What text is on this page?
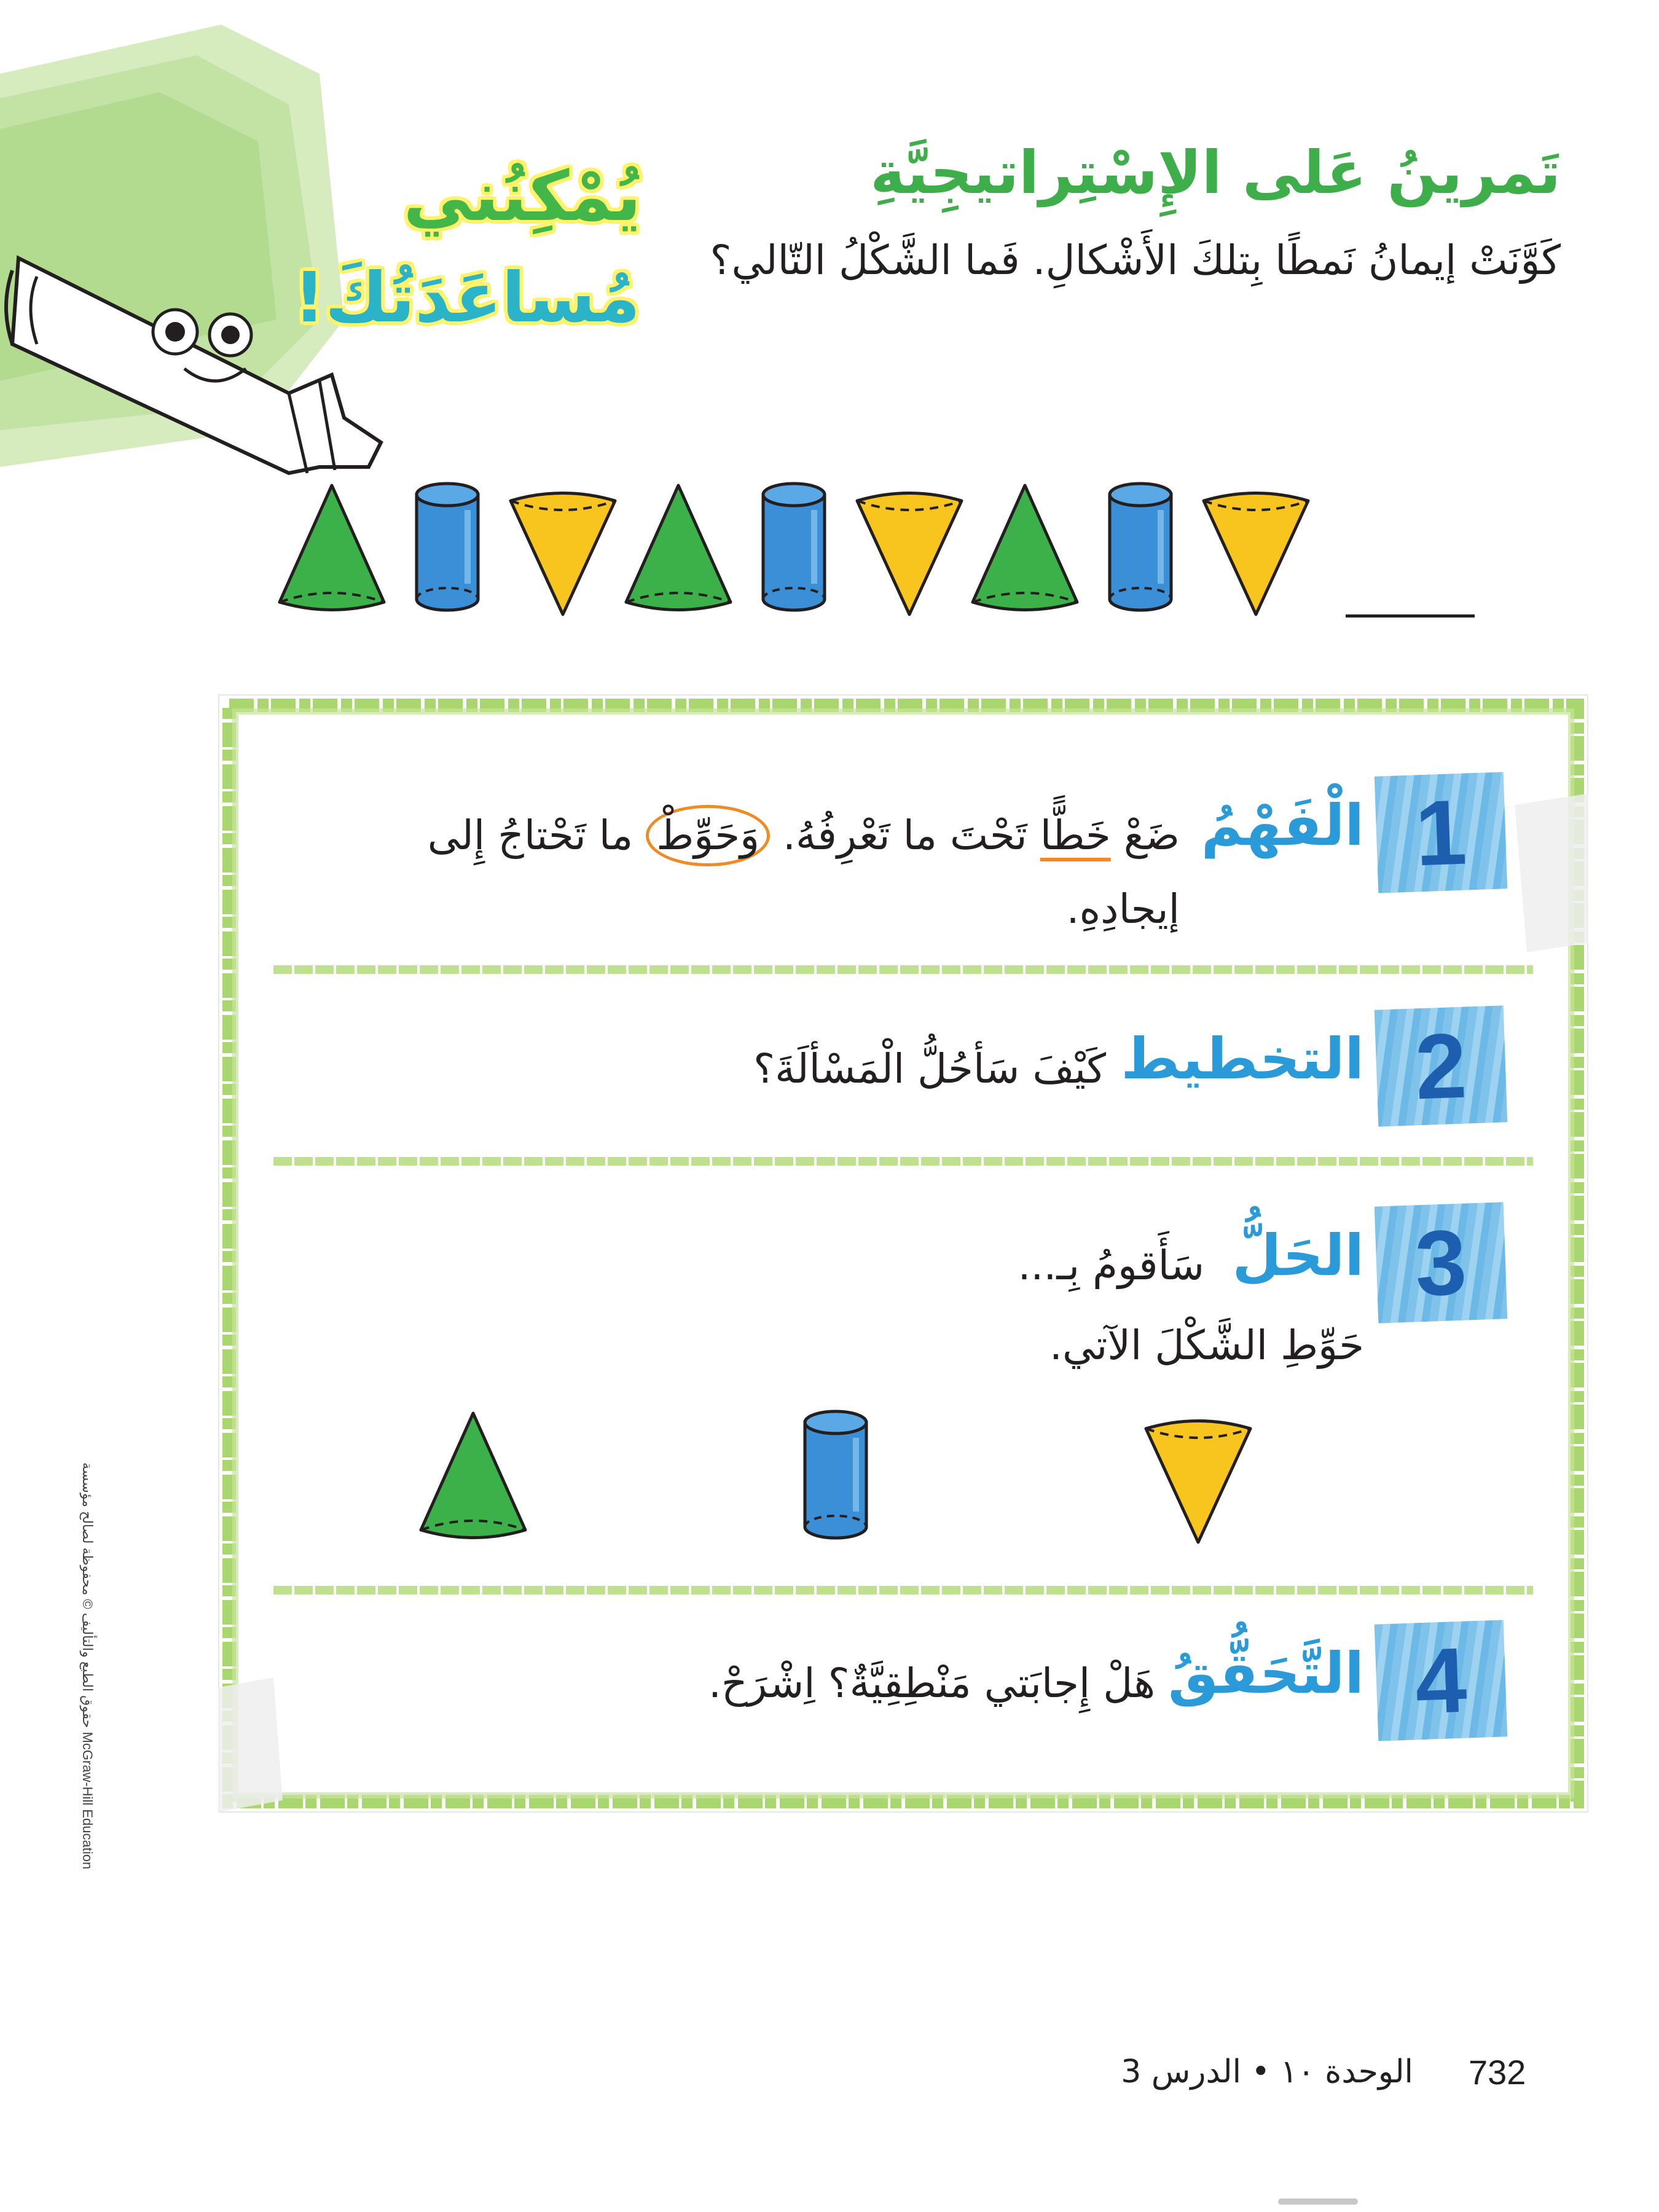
يُمْكِنُني
مُساعَدَتُكَ!
تَمرينُ عَلى الإِسْتِراتيجِيَّةِ
كَوَّنَتْ إيمانُ نَمطًا بِتلكَ الأَشْكالِ. فَما الشَّكْلُ التّالي؟
1
الْفَهْمُ
ضَعْ خَطًّا تَحْتَ ما تَعْرِفُهُ. وَحَوِّطْ ما تَحْتاجُ إِلى إيجادِهِ.
2
التخطيط
كَيْفَ سَأحُلُّ الْمَسْألَةَ؟
3
الحَلُّ
سَأَقومُ بِـ...
حَوِّطِ الشَّكْلَ الآتي.
4
التَّحَقُّقُ
هَلْ إِجابَتي مَنْطِقِيَّةٌ؟ اِشْرَحْ.
McGraw-Hill Education حقوق الطبع والتأليف © محفوظة لصالح مؤسسة
732
الوحدة ١٠ • الدرس 3
